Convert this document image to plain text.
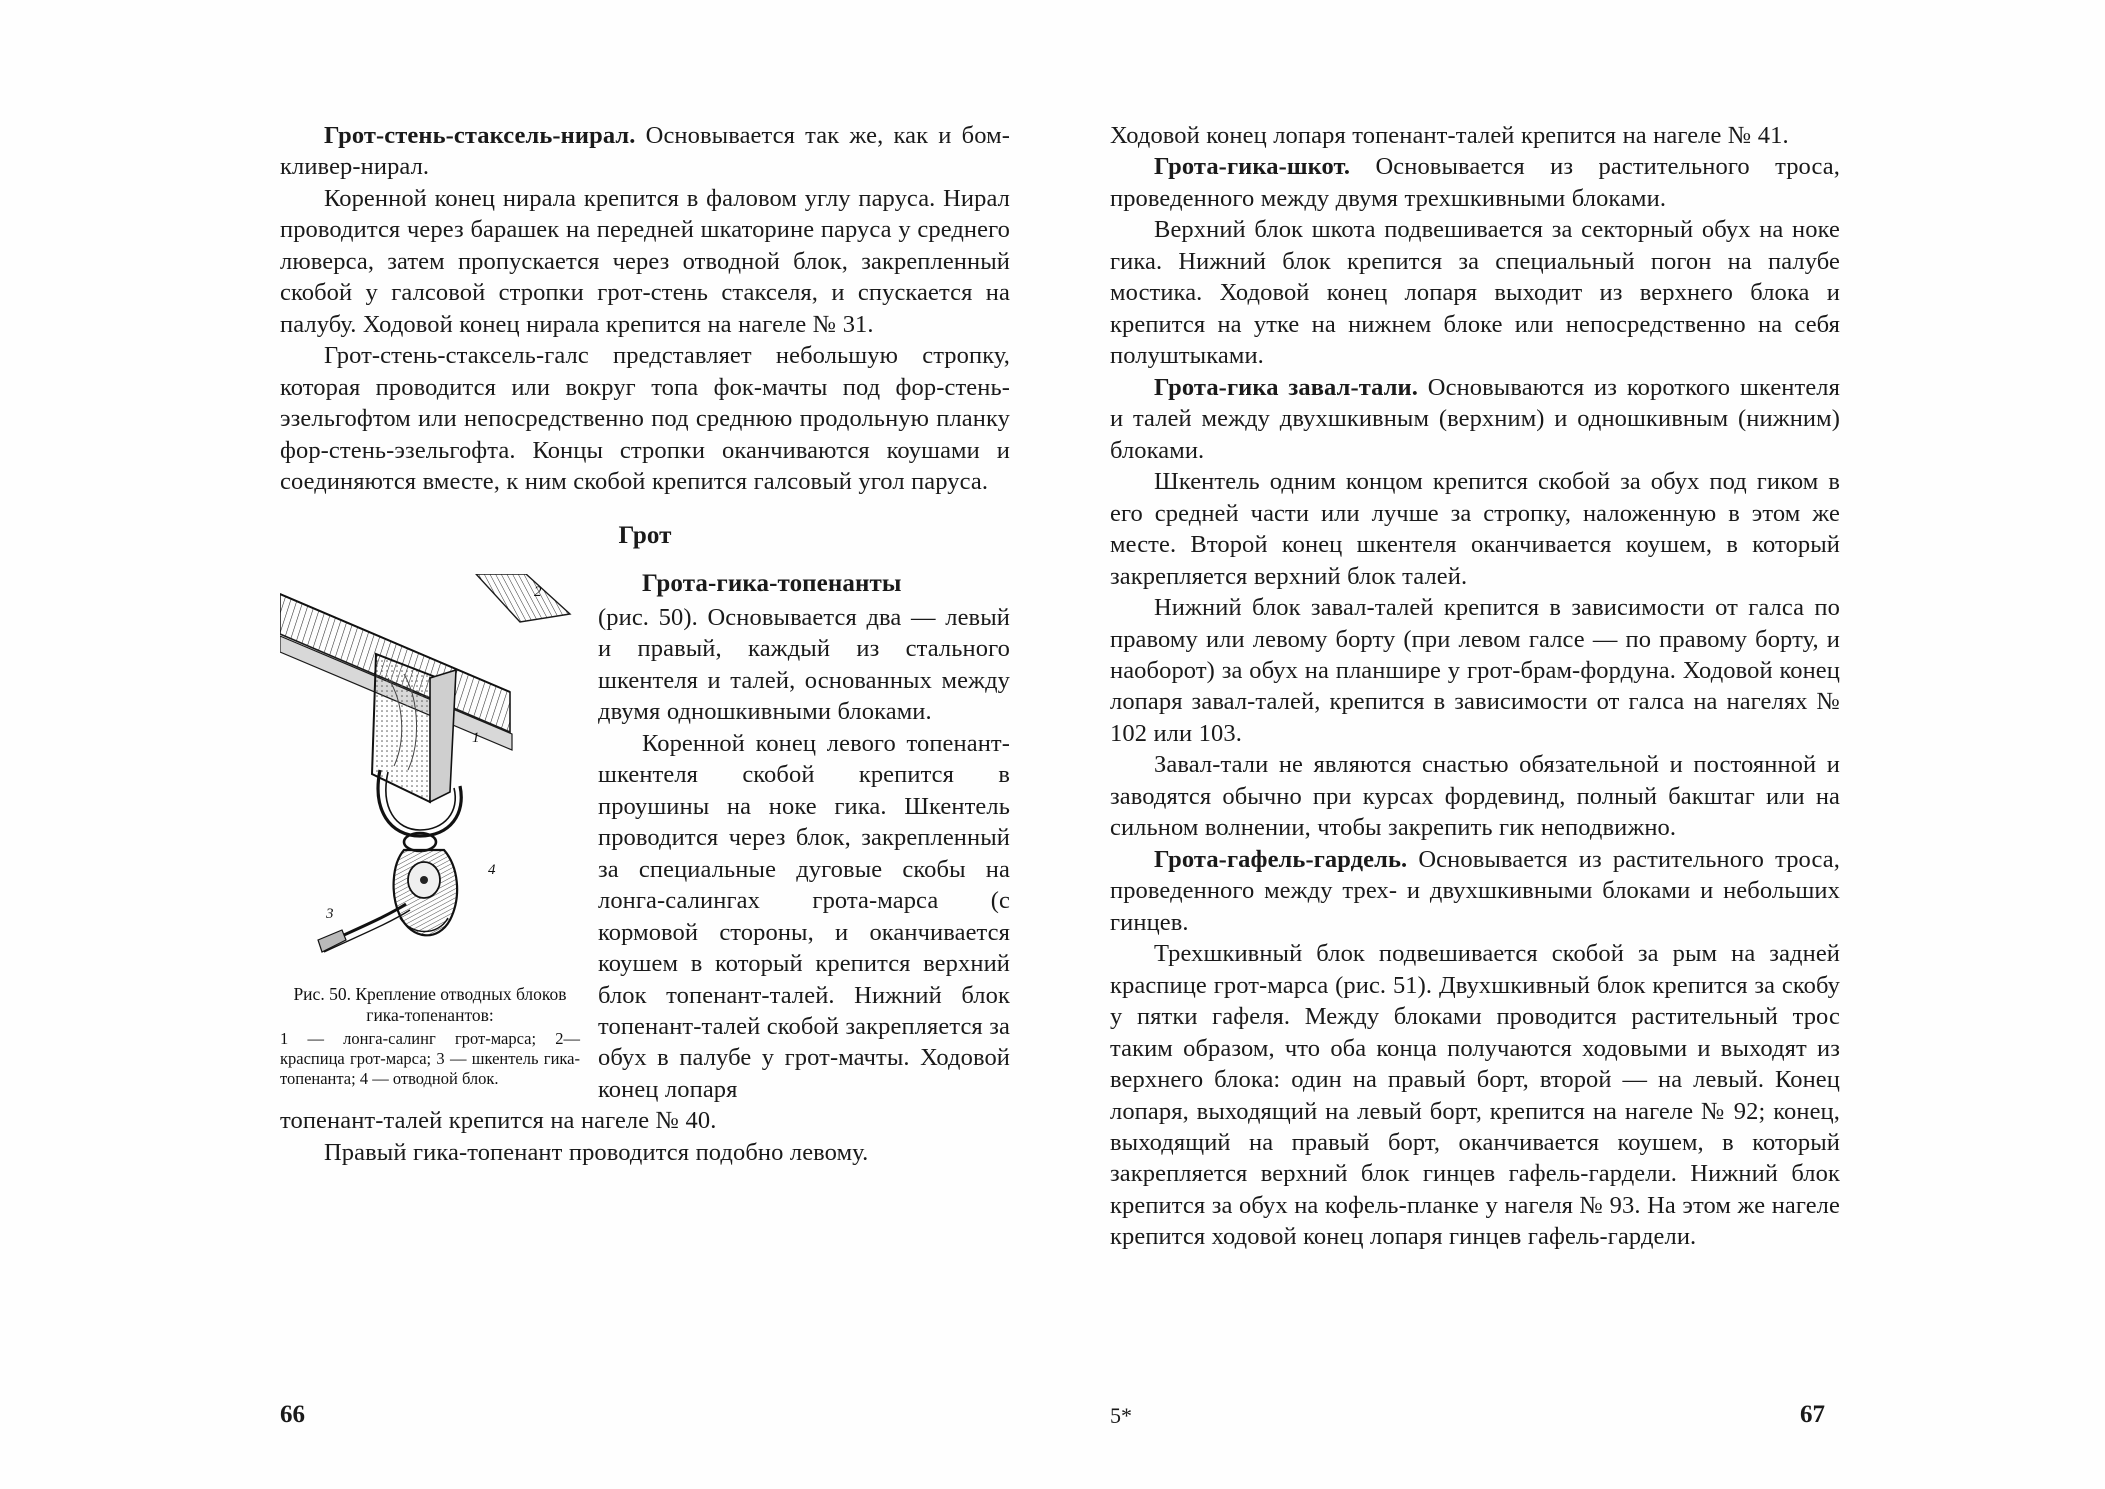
Грот-стень-стаксель-нирал. Основывается так же, как и бом-кливер-нирал.

Коренной конец нирала крепится в фаловом углу паруса. Нирал проводится через барашек на передней шкаторине паруса у среднего люверса, затем пропускается через отводной блок, закрепленный скобой у галсовой стропки грот-стень стакселя, и спускается на палубу. Ходовой конец нирала крепится на нагеле № 31.

Грот-стень-стаксель-галс представляет небольшую стропку, которая проводится или вокруг топа фок-мачты под фор-стень-эзельгофтом или непосредственно под среднюю продольную планку фор-стень-эзельгофта. Концы стропки оканчиваются коушами и соединяются вместе, к ним скобой крепится галсовый угол паруса.

Грот

2
1
4
3
Рис. 50. Крепление отводных блоков гика-топенантов:
1 — лонга-салинг грот-марса; 2— краспица грот-марса; 3 — шкентель гика-топенанта; 4 — отводной блок.

Грота-гика-топенанты

(рис. 50). Основывается два — левый и правый, каждый из стального шкентеля и талей, основанных между двумя одношкивными блоками.

Коренной конец левого топенант-шкентеля скобой крепится в проушины на ноке гика. Шкентель проводится через блок, закрепленный за специальные дуговые скобы на лонга-салингах грота-марса (с кормовой стороны, и оканчивается коушем в который крепится верхний блок топенант-талей. Нижний блок топенант-талей скобой закрепляется за обух в палубе у грот-мачты. Ходовой конец лопаря

топенант-талей крепится на нагеле № 40.

Правый гика-топенант проводится подобно левому.

Ходовой конец лопаря топенант-талей крепится на нагеле № 41.

Грота-гика-шкот. Основывается из растительного троса, проведенного между двумя трехшкивными блоками.

Верхний блок шкота подвешивается за секторный обух на ноке гика. Нижний блок крепится за специальный погон на палубе мостика. Ходовой конец лопаря выходит из верхнего блока и крепится на утке на нижнем блоке или непосредственно на себя полуштыками.

Грота-гика завал-тали. Основываются из короткого шкентеля и талей между двухшкивным (верхним) и одношкивным (нижним) блоками.

Шкентель одним концом крепится скобой за обух под гиком в его средней части или лучше за стропку, наложенную в этом же месте. Второй конец шкентеля оканчивается коушем, в который закрепляется верхний блок талей.

Нижний блок завал-талей крепится в зависимости от галса по правому или левому борту (при левом галсе — по правому борту, и наоборот) за обух на планшире у грот-брам-фордуна. Ходовой конец лопаря завал-талей, крепится в зависимости от галса на нагелях № 102 или 103.

Завал-тали не являются снастью обязательной и постоянной и заводятся обычно при курсах фордевинд, полный бакштаг или на сильном волнении, чтобы закрепить гик неподвижно.

Грота-гафель-гардель. Основывается из растительного троса, проведенного между трех- и двухшкивными блоками и небольших гинцев.

Трехшкивный блок подвешивается скобой за рым на задней краспице грот-марса (рис. 51). Двухшкивный блок крепится за скобу у пятки гафеля. Между блоками проводится растительный трос таким образом, что оба конца получаются ходовыми и выходят из верхнего блока: один на правый борт, второй — на левый. Конец лопаря, выходящий на левый борт, крепится на нагеле № 92; конец, выходящий на правый борт, оканчивается коушем, в который закрепляется верхний блок гинцев гафель-гардели. Нижний блок крепится за обух на кофель-планке у нагеля № 93. На этом же нагеле крепится ходовой конец лопаря гинцев гафель-гардели.

66	5*	67
